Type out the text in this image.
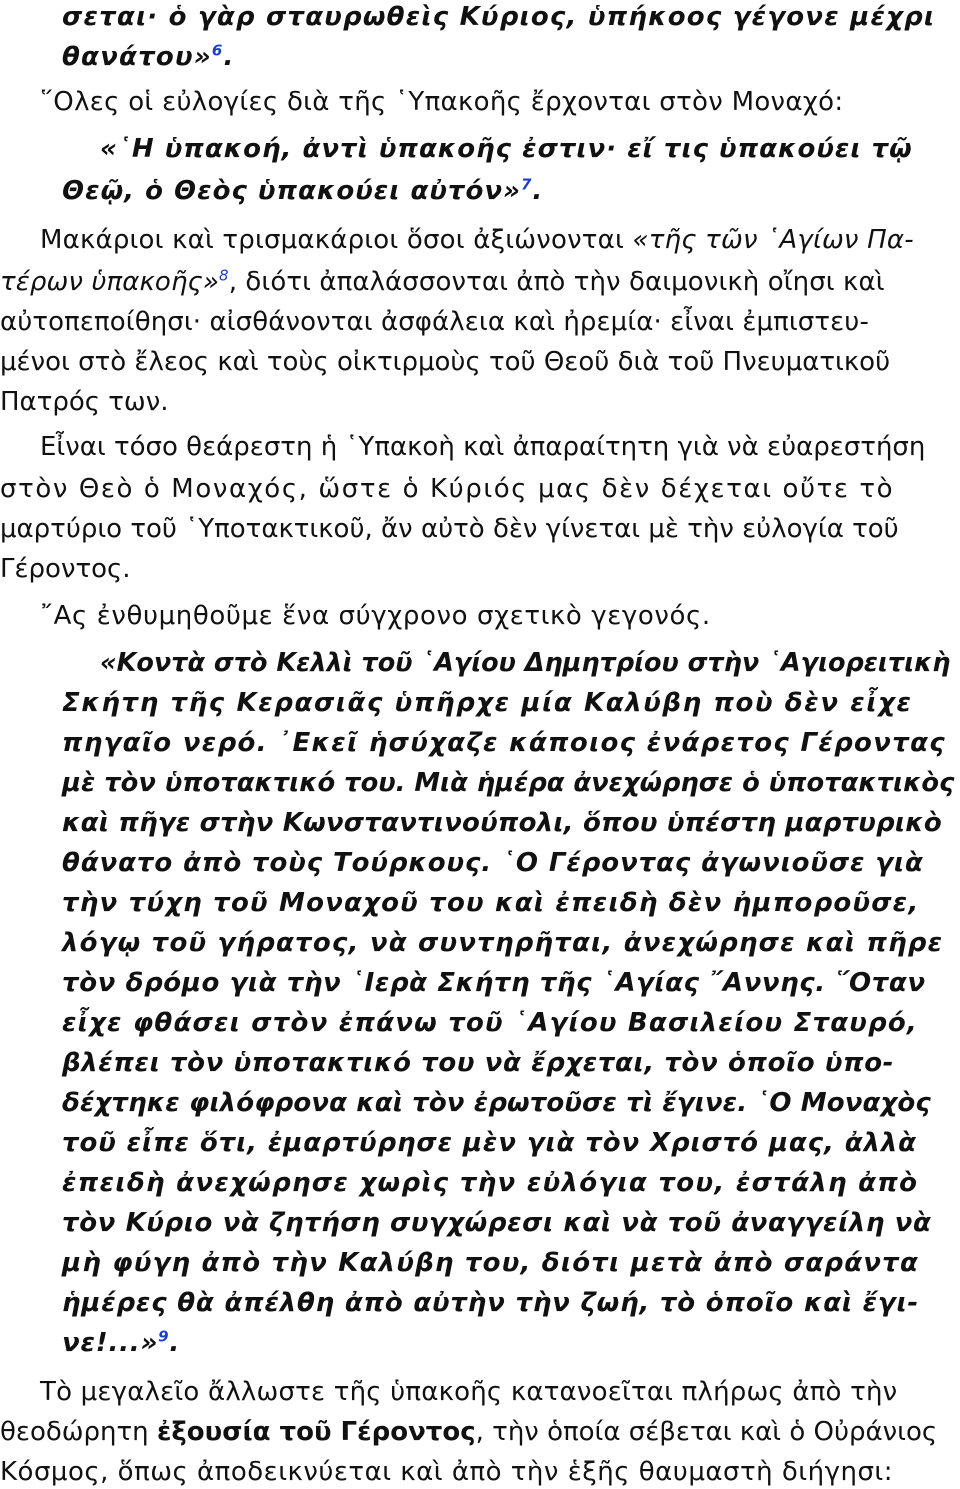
σεται· ὁ γὰρ σταυρωθεὶς Κύριος, ὑπήκοος γέγονε μέχρι
θανάτου»$^6$.
῞Ολες οἱ εὐλογίες διὰ τῆς ῾Υπακοῆς ἔρχονται στὸν Μοναχό:
«῾Η ὑπακοή, ἀντὶ ὑπακοῆς ἐστιν· εἴ τις ὑπακούει τῷ
Θεῷ, ὁ Θεὸς ὑπακούει αὐτόν»$^7$.
Μακάριοι καὶ τρισμακάριοι ὅσοι ἀξιώνονται «τῆς τῶν ῾Αγίων Πα-
τέρων ὑπακοῆς»$^8$, διότι ἀπαλάσσονται ἀπὸ τὴν δαιμονικὴ οἴησι καὶ
αὐτοπεποίθησι· αἰσθάνονται ἀσφάλεια καὶ ἠρεμία· εἶναι ἐμπιστευ-
μένοι στὸ ἔλεος καὶ τοὺς οἰκτιρμοὺς τοῦ Θεοῦ διὰ τοῦ Πνευματικοῦ
Πατρός των.
Εἶναι τόσο θεάρεστη ἡ ῾Υπακοὴ καὶ ἀπαραίτητη γιὰ νὰ εὐαρεστήση
στὸν Θεὸ ὁ Μοναχός, ὥστε ὁ Κύριός μας δὲν δέχεται οὔτε τὸ
μαρτύριο τοῦ ῾Υποτακτικοῦ, ἄν αὐτὸ δὲν γίνεται μὲ τὴν εὐλογία τοῦ
Γέροντος.
῎Ας ἐνθυμηθοῦμε ἕνα σύγχρονο σχετικὸ γεγονός.
«Κοντὰ στὸ Κελλὶ τοῦ ῾Αγίου Δημητρίου στὴν ῾Αγιορειτικὴ
Σκήτη τῆς Κερασιᾶς ὑπῆρχε μία Καλύβη ποὺ δὲν εἶχε
πηγαῖο νερό. ᾽Εκεῖ ἡσύχαζε κάποιος ἐνάρετος Γέροντας
μὲ τὸν ὑποτακτικό του. Μιὰ ἡμέρα ἀνεχώρησε ὁ ὑποτακτικὸς
καὶ πῆγε στὴν Κωνσταντινούπολι, ὅπου ὑπέστη μαρτυρικὸ
θάνατο ἀπὸ τοὺς Τούρκους. ῾Ο Γέροντας ἀγωνιοῦσε γιὰ
τὴν τύχη τοῦ Μοναχοῦ του καὶ ἐπειδὴ δὲν ἠμποροῦσε,
λόγῳ τοῦ γήρατος, νὰ συντηρῆται, ἀνεχώρησε καὶ πῆρε
τὸν δρόμο γιὰ τὴν ῾Ιερὰ Σκήτη τῆς ῾Αγίας ῎Αννης. ῞Οταν
εἶχε φθάσει στὸν ἐπάνω τοῦ ῾Αγίου Βασιλείου Σταυρό,
βλέπει τὸν ὑποτακτικό του νὰ ἔρχεται, τὸν ὁποῖο ὑπο-
δέχτηκε φιλόφρονα καὶ τὸν ἐρωτοῦσε τὶ ἔγινε. ῾Ο Μοναχὸς
τοῦ εἶπε ὅτι, ἐμαρτύρησε μὲν γιὰ τὸν Χριστό μας, ἀλλὰ
ἐπειδὴ ἀνεχώρησε χωρὶς τὴν εὐλόγια του, ἐστάλη ἀπὸ
τὸν Κύριο νὰ ζητήση συγχώρεσι καὶ νὰ τοῦ ἀναγγείλη νὰ
μὴ φύγη ἀπὸ τὴν Καλύβη του, διότι μετὰ ἀπὸ σαράντα
ἡμέρες θὰ ἀπέλθη ἀπὸ αὐτὴν τὴν ζωή, τὸ ὁποῖο καὶ ἔγι-
νε!...»$^9$.
Τὸ μεγαλεῖο ἄλλωστε τῆς ὑπακοῆς κατανοεῖται πλήρως ἀπὸ τὴν
θεοδώρητη ἐξουσία τοῦ Γέροντος, τὴν ὁποία σέβεται καὶ ὁ Οὐράνιος
Κόσμος, ὅπως ἀποδεικνύεται καὶ ἀπὸ τὴν ἑξῆς θαυμαστὴ διήγησι:
